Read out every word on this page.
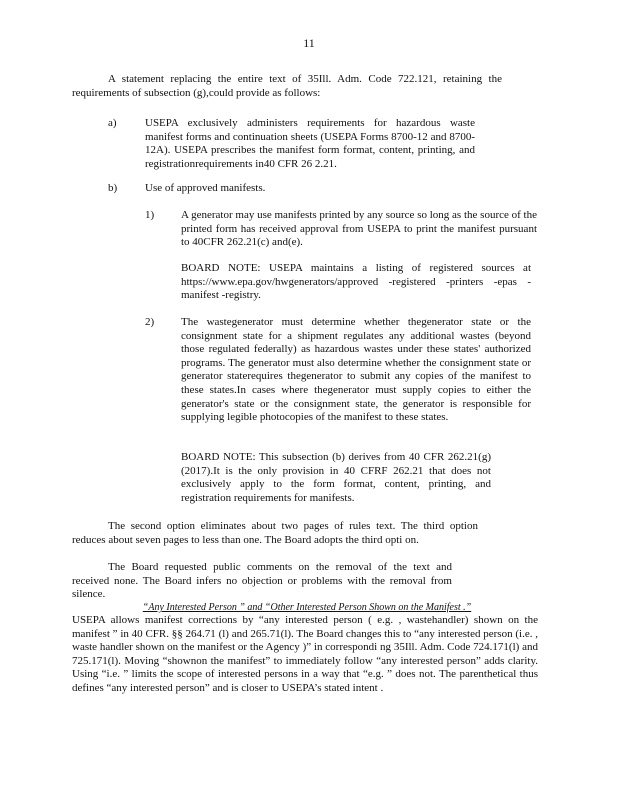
11
A statement replacing the entire text of 35Ill. Adm. Code 722.121, retaining the requirements of subsection (g),could provide as follows:
a)	USEPA exclusively administers requirements for hazardous waste manifest forms and continuation sheets (USEPA Forms 8700-12 and 8700-12A). USEPA prescribes the manifest form format, content, printing, and registrationrequirements in40 CFR 26 2.21.
b)	Use of approved manifests.
1) A generator may use manifests printed by any source so long as the source of the printed form has received approval from USEPA to print the manifest pursuant to 40CFR 262.21(c) and(e).
BOARD NOTE: USEPA maintains a listing of registered sources at https://www.epa.gov/hwgenerators/approved -registered -printers -epas -manifest -registry.
2) The wastegenerator must determine whether thegenerator state or the consignment state for a shipment regulates any additional wastes (beyond those regulated federally) as hazardous wastes under these states' authorized programs. The generator must also determine whether the consignment state or generator staterequires thegenerator to submit any copies of the manifest to these states.In cases where thegenerator must supply copies to either the generator's state or the consignment state, the generator is responsible for supplying legible photocopies of the manifest to these states.
BOARD NOTE: This subsection (b) derives from 40 CFR 262.21(g) (2017).It is the only provision in 40 CFRF 262.21 that does not exclusively apply to the form format, content, printing, and registration requirements for manifests.
The second option eliminates about two pages of rules text. The third option reduces about seven pages to less than one. The Board adopts the third opti on.
The Board requested public comments on the removal of the text and received none. The Board infers no objection or problems with the removal from silence.
“Any Interested Person ” and “Other Interested Person Shown on the Manifest .”
USEPA allows manifest corrections by “any interested person ( e.g. , wastehandler) shown on the manifest ” in 40 CFR. §§ 264.71 (l) and 265.71(l). The Board changes this to “any interested person (i.e. , waste handler shown on the manifest or the Agency )” in correspondi ng 35Ill. Adm. Code 724.171(l) and 725.171(l). Moving “shownon the manifest” to immediately follow “any interested person” adds clarity. Using “i.e. ” limits the scope of interested persons in a way that “e.g. ” does not. The parenthetical thus defines “any interested person” and is closer to USEPA’s stated intent .
